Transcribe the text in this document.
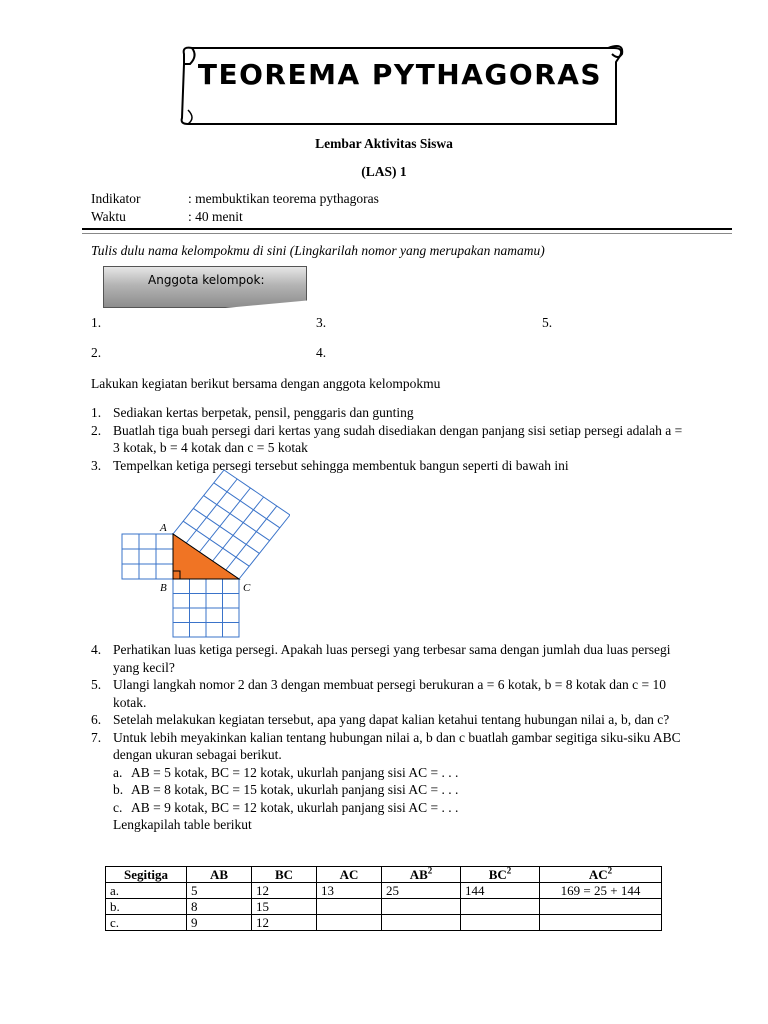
TEOREMA PYTHAGORAS
Lembar Aktivitas Siswa
(LAS) 1
Indikator	: membuktikan teorema pythagoras
Waktu	: 40 menit
Tulis dulu nama kelompokmu di sini (Lingkarilah nomor yang merupakan namamu)
Anggota kelompok:
1.
2.
3.
4.
5.
Lakukan kegiatan berikut bersama dengan anggota kelompokmu
1. Sediakan kertas berpetak, pensil, penggaris dan gunting
2. Buatlah tiga buah persegi dari kertas yang sudah disediakan dengan panjang sisi setiap persegi adalah a = 3 kotak, b = 4 kotak dan c = 5 kotak
3. Tempelkan ketiga persegi tersebut sehingga membentuk bangun seperti di bawah ini
A
B	C
4. Perhatikan luas ketiga persegi. Apakah luas persegi yang terbesar sama dengan jumlah dua luas persegi yang kecil?
5. Ulangi langkah nomor 2 dan 3 dengan membuat persegi berukuran a = 6 kotak, b = 8 kotak dan c = 10 kotak.
6. Setelah melakukan kegiatan tersebut, apa yang dapat kalian ketahui tentang hubungan nilai a, b, dan c?
7. Untuk lebih meyakinkan kalian tentang hubungan nilai a, b dan c buatlah gambar segitiga siku-siku ABC dengan ukuran sebagai berikut.
a. AB = 5 kotak, BC = 12 kotak, ukurlah panjang sisi AC = . . .
b. AB = 8 kotak, BC = 15 kotak, ukurlah panjang sisi AC = . . .
c. AB = 9 kotak, BC = 12 kotak, ukurlah panjang sisi AC = . . .
Lengkapilah table berikut
Segitiga	AB	BC	AC	$AB^2$	$BC^2$	$AC^2$
a.	5	12	13	25	144	169 = 25 + 144
b.	8	15				
c.	9	12				
